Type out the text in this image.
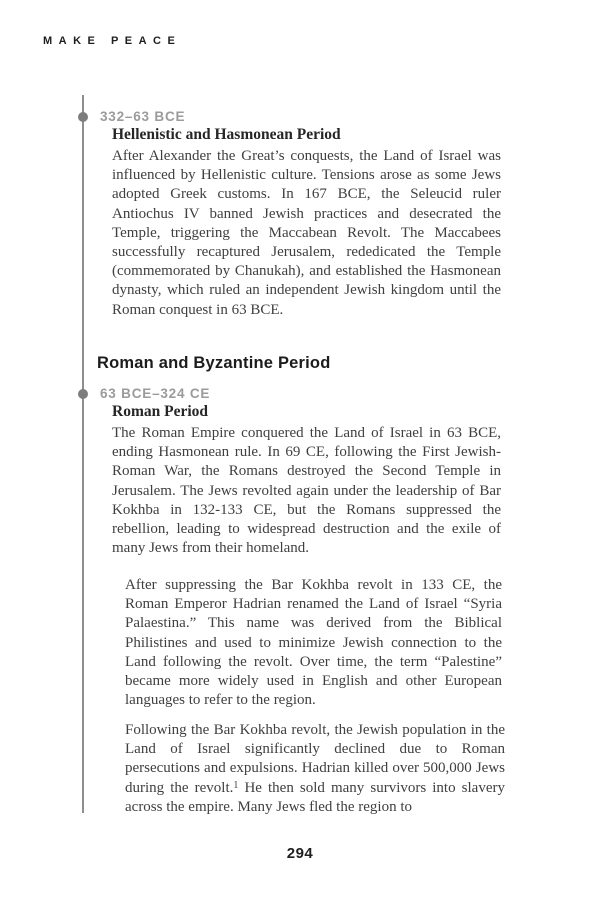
MAKE PEACE
332–63 BCE
Hellenistic and Hasmonean Period

After Alexander the Great’s conquests, the Land of Israel was influenced by Hellenistic culture. Tensions arose as some Jews adopted Greek customs. In 167 BCE, the Seleucid ruler Antiochus IV banned Jewish practices and desecrated the Temple, triggering the Maccabean Revolt. The Maccabees successfully recaptured Jerusalem, rededicated the Temple (commemorated by Chanukah), and established the Hasmonean dynasty, which ruled an independent Jewish kingdom until the Roman conquest in 63 BCE.

Roman and Byzantine Period
63 BCE–324 CE
Roman Period

The Roman Empire conquered the Land of Israel in 63 BCE, ending Hasmonean rule. In 69 CE, following the First Jewish-Roman War, the Romans destroyed the Second Temple in Jerusalem. The Jews revolted again under the leadership of Bar Kokhba in 132-133 CE, but the Romans suppressed the rebellion, leading to widespread destruction and the exile of many Jews from their homeland.

After suppressing the Bar Kokhba revolt in 133 CE, the Roman Emperor Hadrian renamed the Land of Israel “Syria Palaestina.” This name was derived from the Biblical Philistines and used to minimize Jewish connection to the Land following the revolt. Over time, the term “Palestine” became more widely used in English and other European languages to refer to the region.

Following the Bar Kokhba revolt, the Jewish population in the Land of Israel significantly declined due to Roman persecutions and expulsions. Hadrian killed over 500,000 Jews during the revolt.$^1$ He then sold many survivors into slavery across the empire. Many Jews fled the region to

294
